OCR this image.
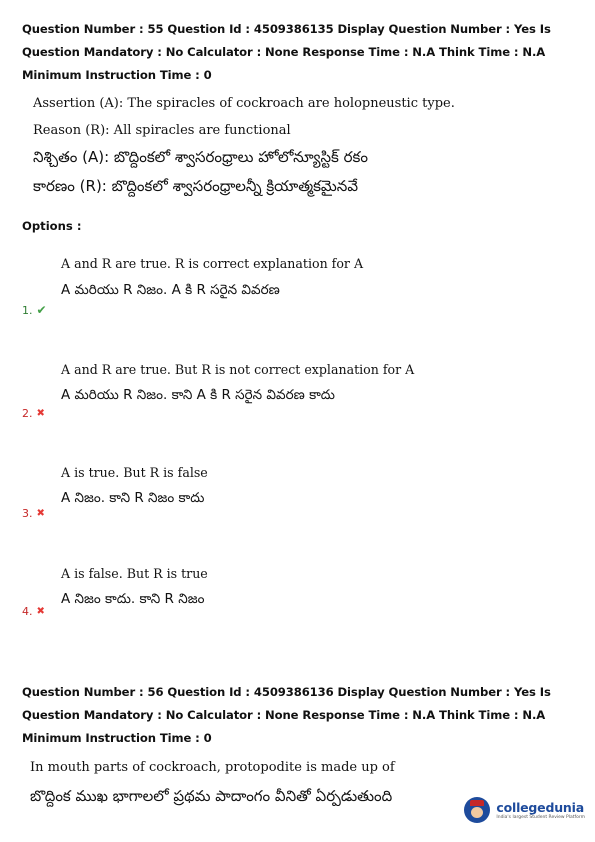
Question Number : 55 Question Id : 4509386135 Display Question Number : Yes Is Question Mandatory : No Calculator : None Response Time : N.A Think Time : N.A Minimum Instruction Time : 0
Assertion (A): The spiracles of cockroach are holopneustic type.
Reason (R): All spiracles are functional
నిశ్చితం (A): బొద్దింకలో శ్వాసరంధ్రాలు హోలోన్యూస్టిక్ రకం
కారణం (R): బొద్దింకలో శ్వాసరంధ్రాలన్నీ క్రియాత్మకమైనవే
Options :
A and R are true. R is correct explanation for A
A మరియు R నిజం. A కి R సరైన వివరణ
1. ✔
A and R are true. But R is not correct explanation for A
A మరియు R నిజం. కాని A కి R సరైన వివరణ కాదు
2. ✖
A is true. But R is false
A నిజం. కాని R నిజం కాదు
3. ✖
A is false. But R is true
A నిజం కాదు. కాని R నిజం
4. ✖
Question Number : 56 Question Id : 4509386136 Display Question Number : Yes Is Question Mandatory : No Calculator : None Response Time : N.A Think Time : N.A Minimum Instruction Time : 0
In mouth parts of cockroach, protopodite is made up of
బొద్దింక ముఖ భాగాలలో ప్రథమ పాదాంగం వీనితో ఏర్పడుతుంది
collegedunia
India's largest Student Review Platform
